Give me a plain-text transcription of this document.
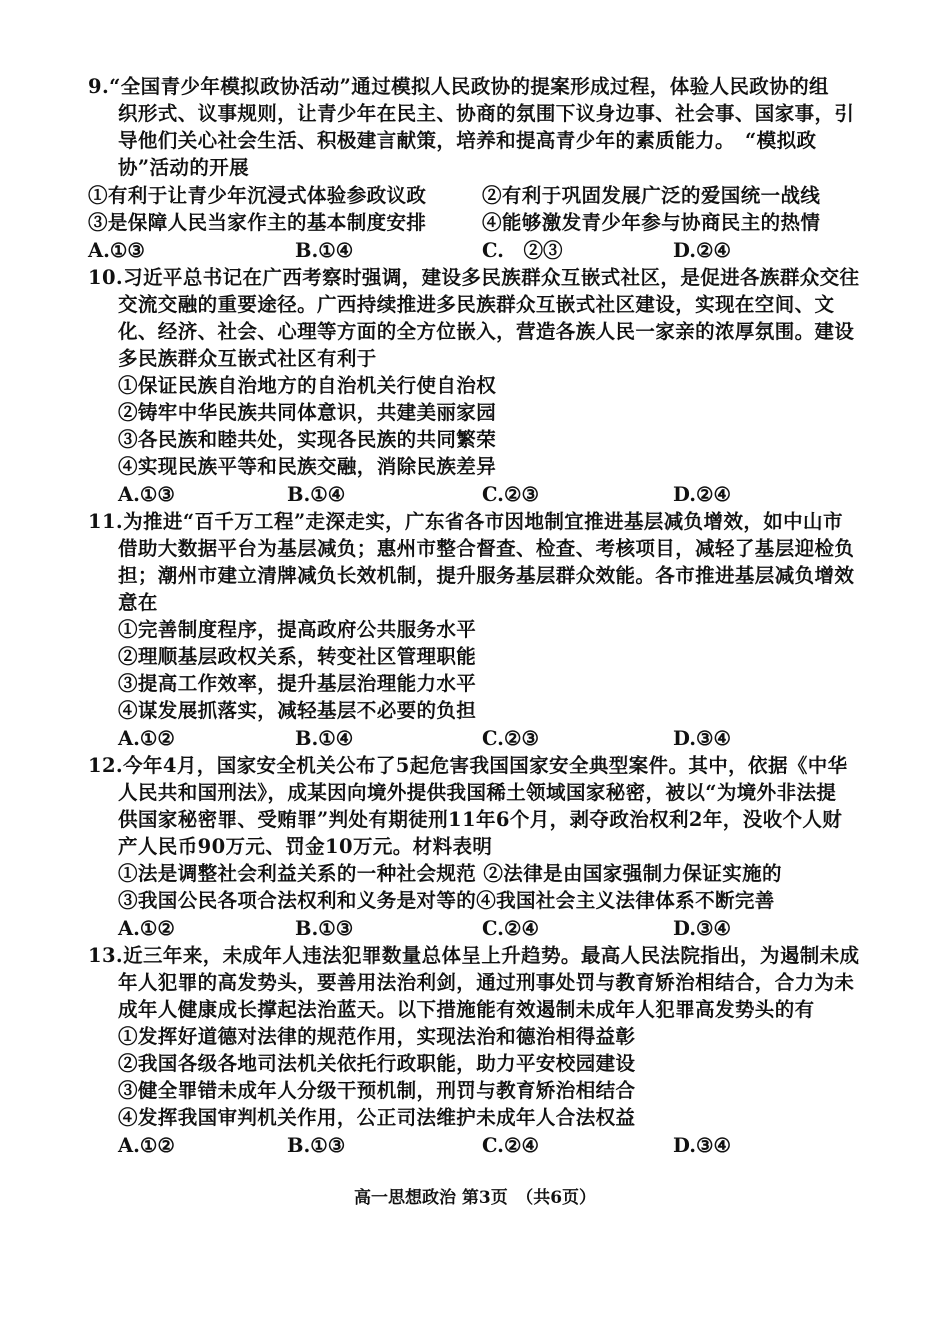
9.“全国青少年模拟政协活动”通过模拟人民政协的提案形成过程，体验人民政协的组
织形式、议事规则，让青少年在民主、协商的氛围下议身边事、社会事、国家事，引
导他们关心社会生活、积极建言献策，培养和提高青少年的素质能力。　“模拟政
协”活动的开展
①有利于让青少年沉浸式体验参政议政	②有利于巩固发展广泛的爱国统一战线
③是保障人民当家作主的基本制度安排	④能够激发青少年参与协商民主的热情
A.①③	B.①④	C.　②③	D.②④
10.习近平总书记在广西考察时强调，建设多民族群众互嵌式社区，是促进各族群众交往
交流交融的重要途径。广西持续推进多民族群众互嵌式社区建设，实现在空间、文
化、经济、社会、心理等方面的全方位嵌入，营造各族人民一家亲的浓厚氛围。建设
多民族群众互嵌式社区有利于
①保证民族自治地方的自治机关行使自治权
②铸牢中华民族共同体意识，共建美丽家园
③各民族和睦共处，实现各民族的共同繁荣
④实现民族平等和民族交融，消除民族差异
A.①③	B.①④	C.②③	D.②④
11.为推进“百千万工程”走深走实，广东省各市因地制宜推进基层减负增效，如中山市
借助大数据平台为基层减负；惠州市整合督查、检查、考核项目，减轻了基层迎检负
担；潮州市建立清牌减负长效机制，提升服务基层群众效能。各市推进基层减负增效
意在
①完善制度程序，提高政府公共服务水平
②理顺基层政权关系，转变社区管理职能
③提高工作效率，提升基层治理能力水平
④谋发展抓落实，减轻基层不必要的负担
A.①②	B.①④	C.②③	D.③④
12.今年4月，国家安全机关公布了5起危害我国国家安全典型案件。其中，依据《中华
人民共和国刑法》，成某因向境外提供我国稀土领域国家秘密，被以“为境外非法提
供国家秘密罪、受贿罪”判处有期徒刑11年6个月，剥夺政治权利2年，没收个人财
产人民币90万元、罚金10万元。材料表明
①法是调整社会利益关系的一种社会规范 ②法律是由国家强制力保证实施的
③我国公民各项合法权利和义务是对等的④我国社会主义法律体系不断完善
A.①②	B.①③	C.②④	D.③④
13.近三年来，未成年人违法犯罪数量总体呈上升趋势。最高人民法院指出，为遏制未成
年人犯罪的高发势头，要善用法治利剑，通过刑事处罚与教育矫治相结合，合力为未
成年人健康成长撑起法治蓝天。以下措施能有效遏制未成年人犯罪高发势头的有
①发挥好道德对法律的规范作用，实现法治和德治相得益彰
②我国各级各地司法机关依托行政职能，助力平安校园建设
③健全罪错未成年人分级干预机制，刑罚与教育矫治相结合
④发挥我国审判机关作用，公正司法维护未成年人合法权益
A.①②	B.①③	C.②④	D.③④
高一思想政治 第3页　（共6页）
